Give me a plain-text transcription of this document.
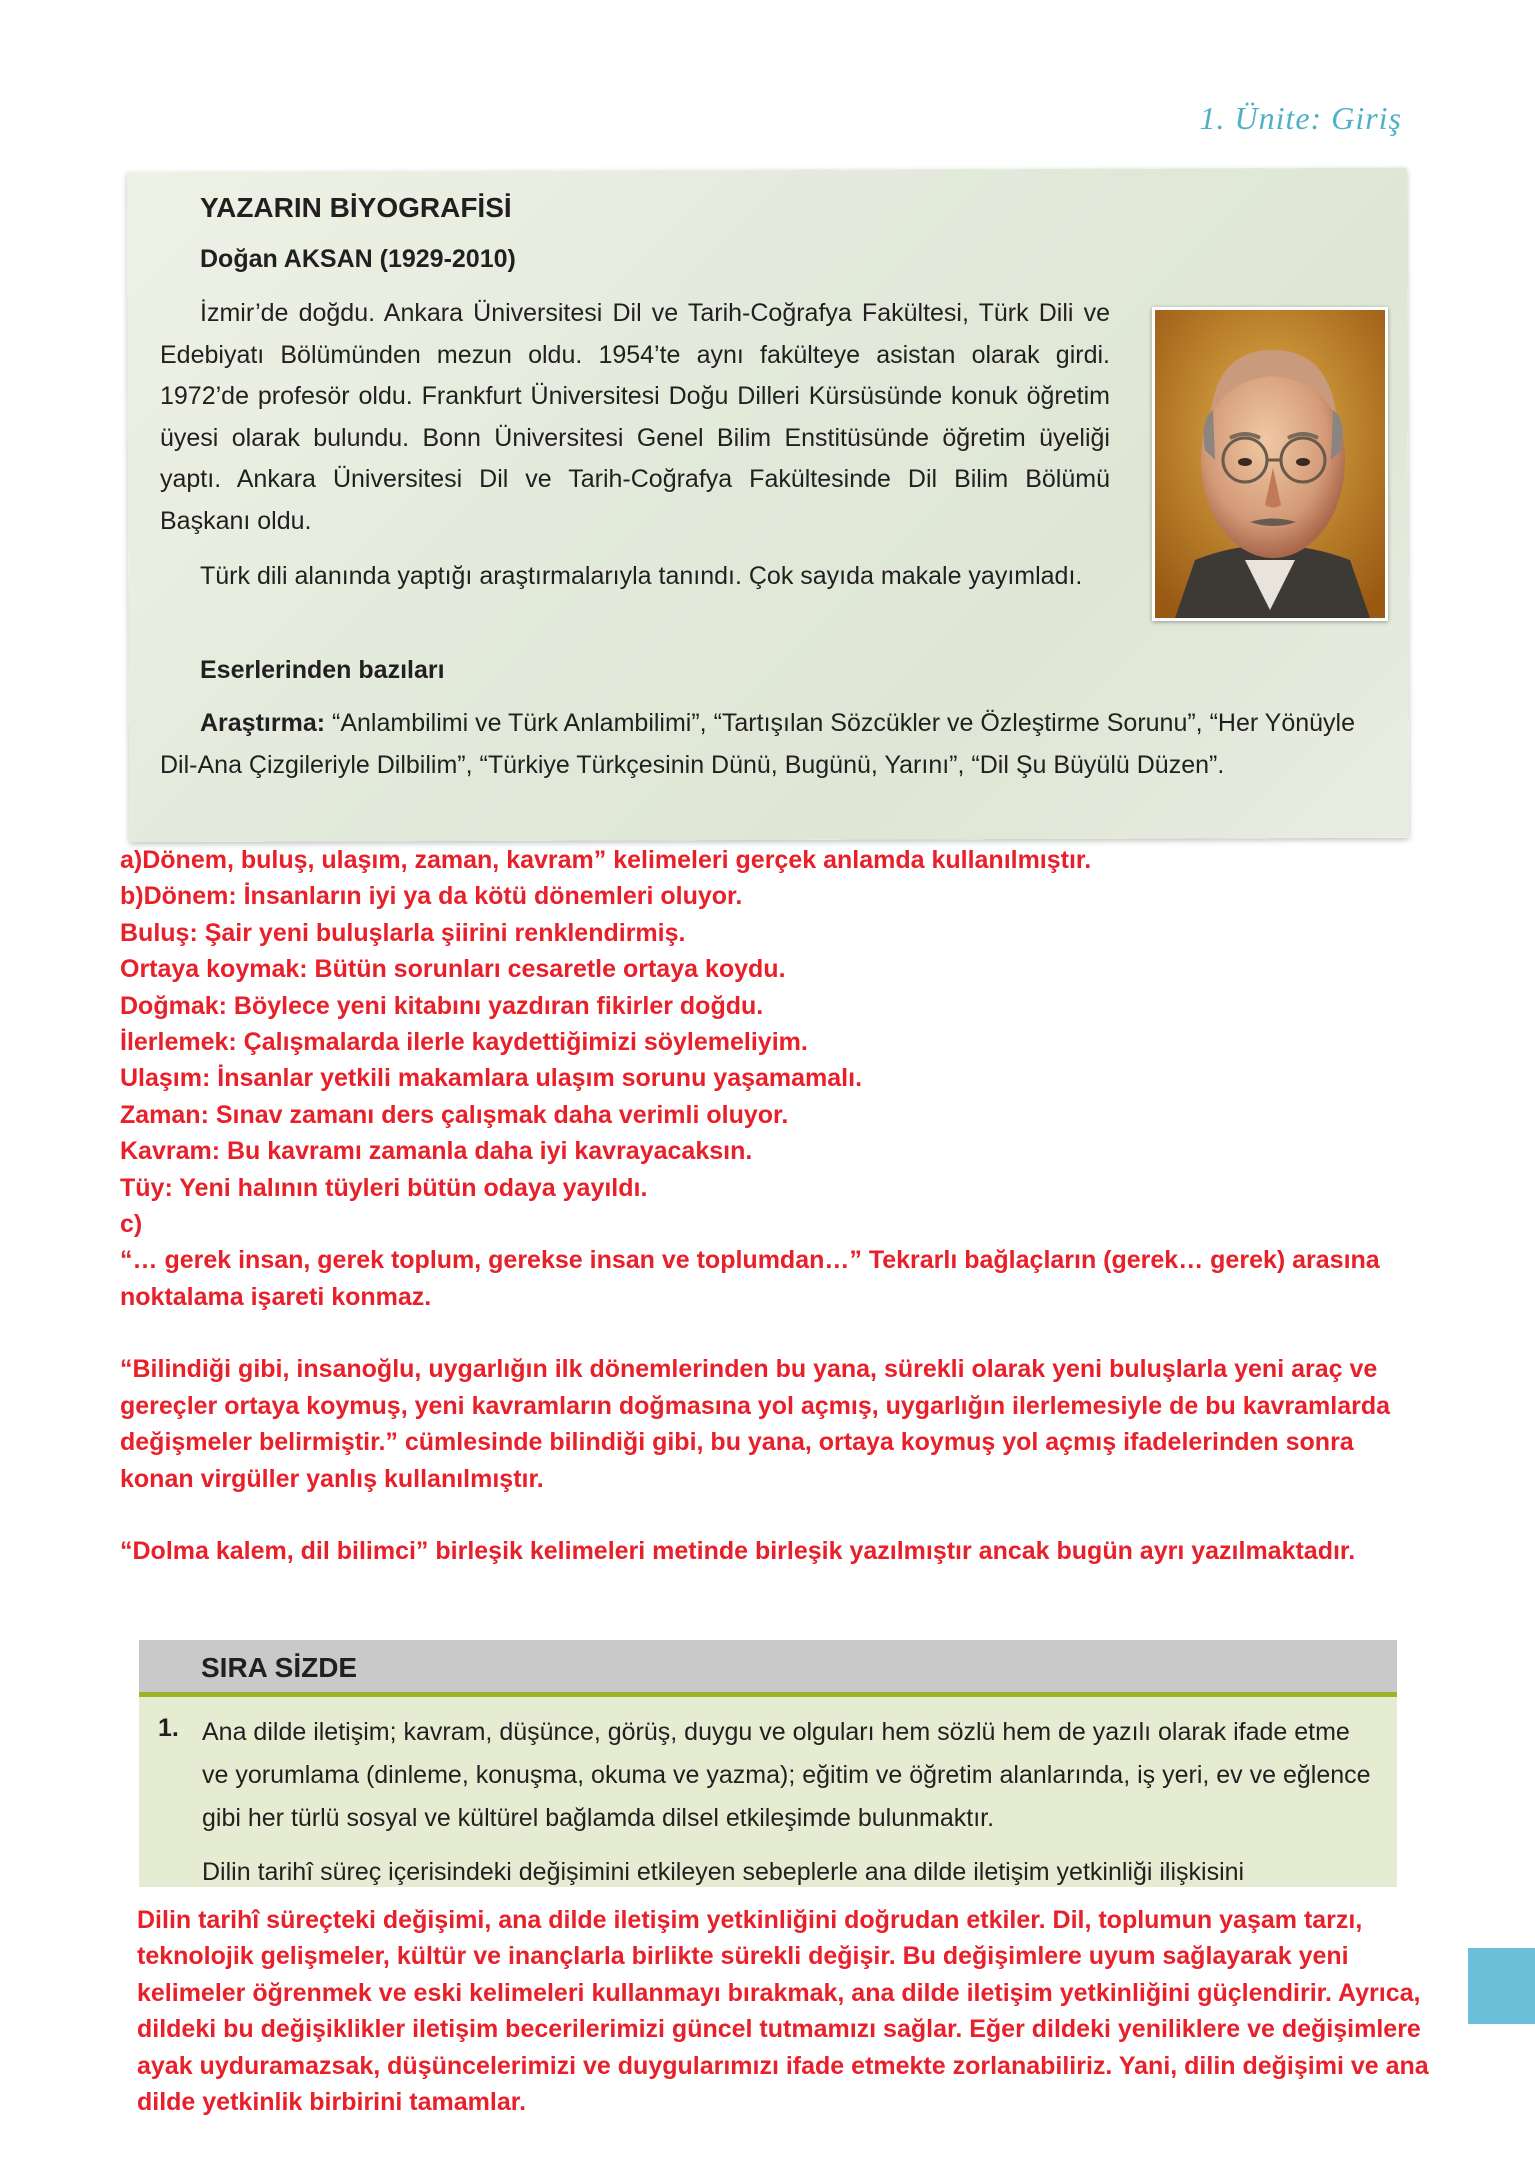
1. Ünite: Giriş
YAZARIN BİYOGRAFİSİ
Doğan AKSAN (1929-2010)
İzmir’de doğdu. Ankara Üniversitesi Dil ve Tarih-Coğrafya Fakültesi, Türk Dili ve Edebiyatı Bölümünden mezun oldu. 1954’te aynı fakülteye asistan olarak girdi. 1972’de profesör oldu. Frankfurt Üniversitesi Doğu Dilleri Kürsüsünde konuk öğretim üyesi olarak bulundu. Bonn Üniversitesi Genel Bilim Enstitüsünde öğretim üyeliği yaptı. Ankara Üniversitesi Dil ve Tarih-Coğrafya Fakültesinde Dil Bilim Bölümü Başkanı oldu.
Türk dili alanında yaptığı araştırmalarıyla tanındı. Çok sayıda makale yayımladı.
Eserlerinden bazıları
Araştırma: “Anlambilimi ve Türk Anlambilimi”, “Tartışılan Sözcükler ve Özleştirme Sorunu”, “Her Yönüyle Dil-Ana Çizgileriyle Dilbilim”, “Türkiye Türkçesinin Dünü, Bugünü, Yarını”, “Dil Şu Büyülü Düzen”.
a)Dönem, buluş, ulaşım, zaman, kavram” kelimeleri gerçek anlamda kullanılmıştır.
b)Dönem: İnsanların iyi ya da kötü dönemleri oluyor.
Buluş: Şair yeni buluşlarla şiirini renklendirmiş.
Ortaya koymak: Bütün sorunları cesaretle ortaya koydu.
Doğmak: Böylece yeni kitabını yazdıran fikirler doğdu.
İlerlemek: Çalışmalarda ilerle kaydettiğimizi söylemeliyim.
Ulaşım: İnsanlar yetkili makamlara ulaşım sorunu yaşamamalı.
Zaman: Sınav zamanı ders çalışmak daha verimli oluyor.
Kavram: Bu kavramı zamanla daha iyi kavrayacaksın.
Tüy: Yeni halının tüyleri bütün odaya yayıldı.
c)
“… gerek insan, gerek toplum, gerekse insan ve toplumdan…” Tekrarlı bağlaçların (gerek… gerek) arasına noktalama işareti konmaz.
“Bilindiği gibi, insanoğlu, uygarlığın ilk dönemlerinden bu yana, sürekli olarak yeni buluşlarla yeni araç ve gereçler ortaya koymuş, yeni kavramların doğmasına yol açmış, uygarlığın ilerlemesiyle de bu kavramlarda değişmeler belirmiştir.” cümlesinde bilindiği gibi, bu yana, ortaya koymuş yol açmış ifadelerinden sonra konan virgüller yanlış kullanılmıştır.
“Dolma kalem, dil bilimci” birleşik kelimeleri metinde birleşik yazılmıştır ancak bugün ayrı yazılmaktadır.
SIRA SİZDE
1. Ana dilde iletişim; kavram, düşünce, görüş, duygu ve olguları hem sözlü hem de yazılı olarak ifade etme ve yorumlama (dinleme, konuşma, okuma ve yazma); eğitim ve öğretim alanlarında, iş yeri, ev ve eğlence gibi her türlü sosyal ve kültürel bağlamda dilsel etkileşimde bulunmaktır.
Dilin tarihî süreç içerisindeki değişimini etkileyen sebeplerle ana dilde iletişim yetkinliği ilişkisini
Dilin tarihî süreçteki değişimi, ana dilde iletişim yetkinliğini doğrudan etkiler. Dil, toplumun yaşam tarzı, teknolojik gelişmeler, kültür ve inançlarla birlikte sürekli değişir. Bu değişimlere uyum sağlayarak yeni kelimeler öğrenmek ve eski kelimeleri kullanmayı bırakmak, ana dilde iletişim yetkinliğini güçlendirir. Ayrıca, dildeki bu değişiklikler iletişim becerilerimizi güncel tutmamızı sağlar. Eğer dildeki yeniliklere ve değişimlere ayak uyduramazsak, düşüncelerimizi ve duygularımızı ifade etmekte zorlanabiliriz. Yani, dilin değişimi ve ana dilde yetkinlik birbirini tamamlar.
